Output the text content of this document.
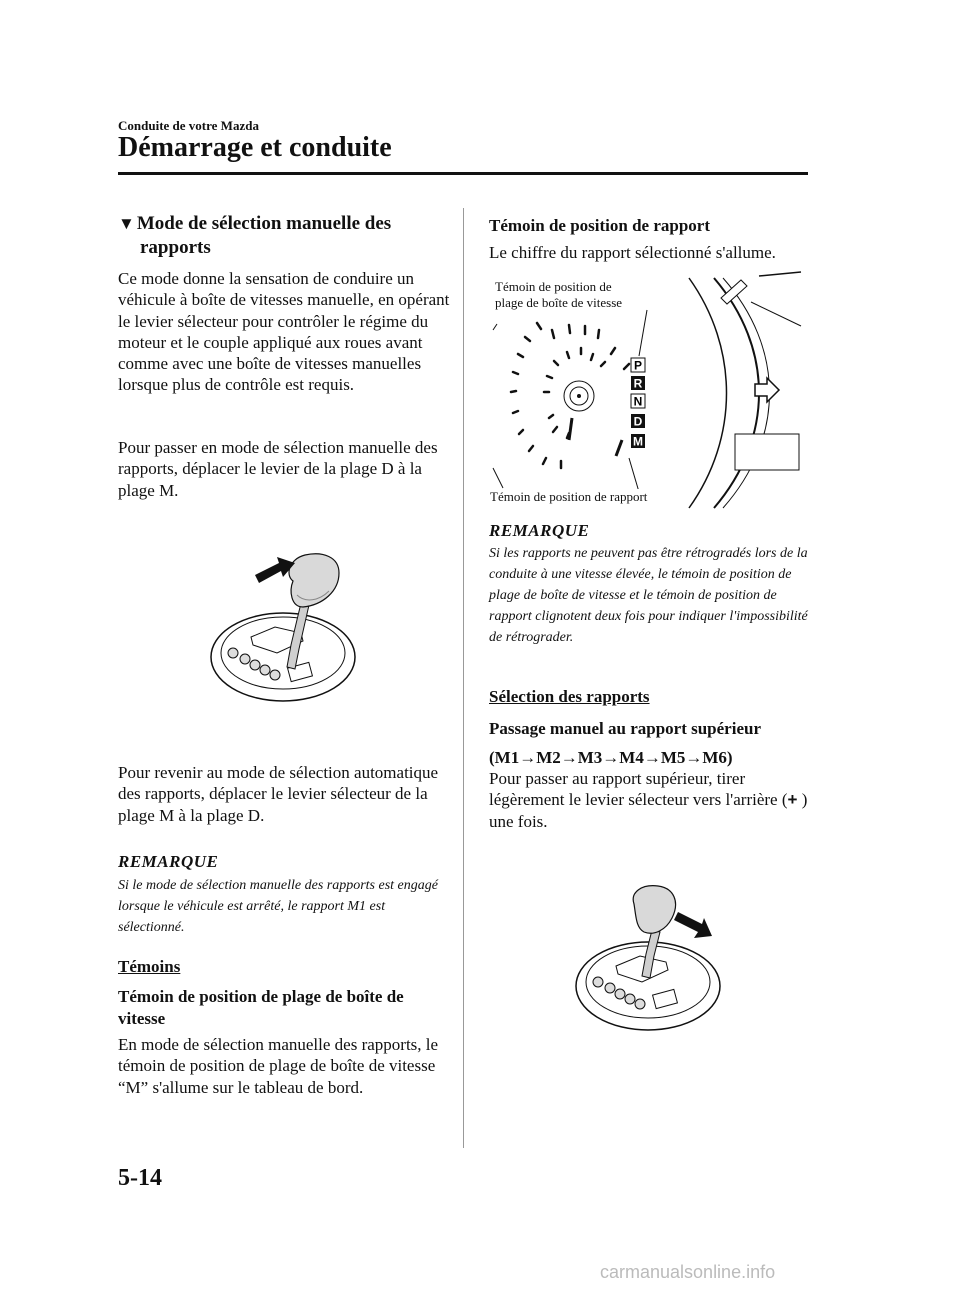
Conduite de votre Mazda
Démarrage et conduite
▼ Mode de sélection manuelle des
rapports
Ce mode donne la sensation de conduire un véhicule à boîte de vitesses manuelle, en opérant le levier sélecteur pour contrôler le régime du moteur et le couple appliqué aux roues avant comme avec une boîte de vitesses manuelles lorsque plus de contrôle est requis.
Pour passer en mode de sélection manuelle des rapports, déplacer le levier de la plage D à la plage M.
Pour revenir au mode de sélection automatique des rapports, déplacer le levier sélecteur de la plage M à la plage D.
REMARQUE
Si le mode de sélection manuelle des rapports est engagé lorsque le véhicule est arrêté, le rapport M1 est sélectionné.
Témoins
Témoin de position de plage de boîte de vitesse
En mode de sélection manuelle des rapports, le témoin de position de plage de boîte de vitesse “M” s'allume sur le tableau de bord.
Témoin de position de rapport
Le chiffre du rapport sélectionné s'allume.
P
R
N
D
M
Témoin de position de
plage de boîte de vitesse
Témoin de position de rapport
REMARQUE
Si les rapports ne peuvent pas être rétrogradés lors de la conduite à une vitesse élevée, le témoin de position de plage de boîte de vitesse et le témoin de position de rapport clignotent deux fois pour indiquer l'impossibilité de rétrograder.
Sélection des rapports
Passage manuel au rapport supérieur
(M1→M2→M3→M4→M5→M6)
Pour passer au rapport supérieur, tirer légèrement le levier sélecteur vers l'arrière (+ ) une fois.
5-14
carmanualsonline.info
